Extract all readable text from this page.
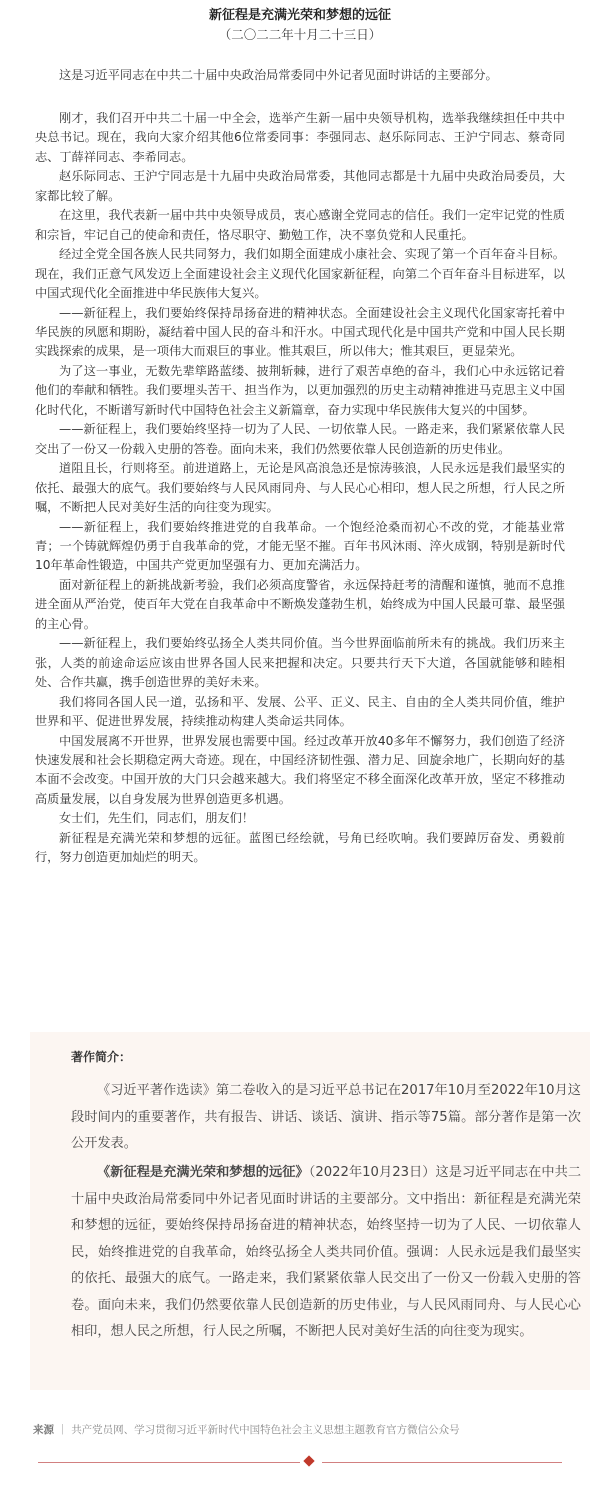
新征程是充满光荣和梦想的远征
（二〇二二年十月二十三日）

这是习近平同志在中共二十届中央政治局常委同中外记者见面时讲话的主要部分。

刚才，我们召开中共二十届一中全会，选举产生新一届中央领导机构，选举我继续担任中共中央总书记。现在，我向大家介绍其他6位常委同事：李强同志、赵乐际同志、王沪宁同志、蔡奇同志、丁薛祥同志、李希同志。

赵乐际同志、王沪宁同志是十九届中央政治局常委，其他同志都是十九届中央政治局委员，大家都比较了解。

在这里，我代表新一届中共中央领导成员，衷心感谢全党同志的信任。我们一定牢记党的性质和宗旨，牢记自己的使命和责任，恪尽职守、勤勉工作，决不辜负党和人民重托。

经过全党全国各族人民共同努力，我们如期全面建成小康社会、实现了第一个百年奋斗目标。现在，我们正意气风发迈上全面建设社会主义现代化国家新征程，向第二个百年奋斗目标进军，以中国式现代化全面推进中华民族伟大复兴。

——新征程上，我们要始终保持昂扬奋进的精神状态。全面建设社会主义现代化国家寄托着中华民族的夙愿和期盼，凝结着中国人民的奋斗和汗水。中国式现代化是中国共产党和中国人民长期实践探索的成果，是一项伟大而艰巨的事业。惟其艰巨，所以伟大；惟其艰巨，更显荣光。

为了这一事业，无数先辈筚路蓝缕、披荆斩棘，进行了艰苦卓绝的奋斗，我们心中永远铭记着他们的奉献和牺牲。我们要埋头苦干、担当作为，以更加强烈的历史主动精神推进马克思主义中国化时代化，不断谱写新时代中国特色社会主义新篇章，奋力实现中华民族伟大复兴的中国梦。

——新征程上，我们要始终坚持一切为了人民、一切依靠人民。一路走来，我们紧紧依靠人民交出了一份又一份载入史册的答卷。面向未来，我们仍然要依靠人民创造新的历史伟业。

道阻且长，行则将至。前进道路上，无论是风高浪急还是惊涛骇浪，人民永远是我们最坚实的依托、最强大的底气。我们要始终与人民风雨同舟、与人民心心相印，想人民之所想，行人民之所嘱，不断把人民对美好生活的向往变为现实。

——新征程上，我们要始终推进党的自我革命。一个饱经沧桑而初心不改的党，才能基业常青；一个铸就辉煌仍勇于自我革命的党，才能无坚不摧。百年书风沐雨、淬火成钢，特别是新时代10年革命性锻造，中国共产党更加坚强有力、更加充满活力。

面对新征程上的新挑战新考验，我们必须高度警省，永远保持赶考的清醒和谨慎，驰而不息推进全面从严治党，使百年大党在自我革命中不断焕发蓬勃生机，始终成为中国人民最可靠、最坚强的主心骨。

——新征程上，我们要始终弘扬全人类共同价值。当今世界面临前所未有的挑战。我们历来主张，人类的前途命运应该由世界各国人民来把握和决定。只要共行天下大道，各国就能够和睦相处、合作共赢，携手创造世界的美好未来。

我们将同各国人民一道，弘扬和平、发展、公平、正义、民主、自由的全人类共同价值，维护世界和平、促进世界发展，持续推动构建人类命运共同体。

中国发展离不开世界，世界发展也需要中国。经过改革开放40多年不懈努力，我们创造了经济快速发展和社会长期稳定两大奇迹。现在，中国经济韧性强、潜力足、回旋余地广，长期向好的基本面不会改变。中国开放的大门只会越来越大。我们将坚定不移全面深化改革开放，坚定不移推动高质量发展，以自身发展为世界创造更多机遇。

女士们，先生们，同志们，朋友们！

新征程是充满光荣和梦想的远征。蓝图已经绘就，号角已经吹响。我们要踔厉奋发、勇毅前行，努力创造更加灿烂的明天。

著作简介：

《习近平著作选读》第二卷收入的是习近平总书记在2017年10月至2022年10月这段时间内的重要著作，共有报告、讲话、谈话、演讲、指示等75篇。部分著作是第一次公开发表。

《新征程是充满光荣和梦想的远征》（2022年10月23日）这是习近平同志在中共二十届中央政治局常委同中外记者见面时讲话的主要部分。文中指出：新征程是充满光荣和梦想的远征，要始终保持昂扬奋进的精神状态，始终坚持一切为了人民、一切依靠人民，始终推进党的自我革命，始终弘扬全人类共同价值。强调：人民永远是我们最坚实的依托、最强大的底气。一路走来，我们紧紧依靠人民交出了一份又一份载入史册的答卷。面向未来，我们仍然要依靠人民创造新的历史伟业，与人民风雨同舟、与人民心心相印，想人民之所想，行人民之所嘱，不断把人民对美好生活的向往变为现实。

来源 ｜ 共产党员网、学习贯彻习近平新时代中国特色社会主义思想主题教育官方微信公众号
